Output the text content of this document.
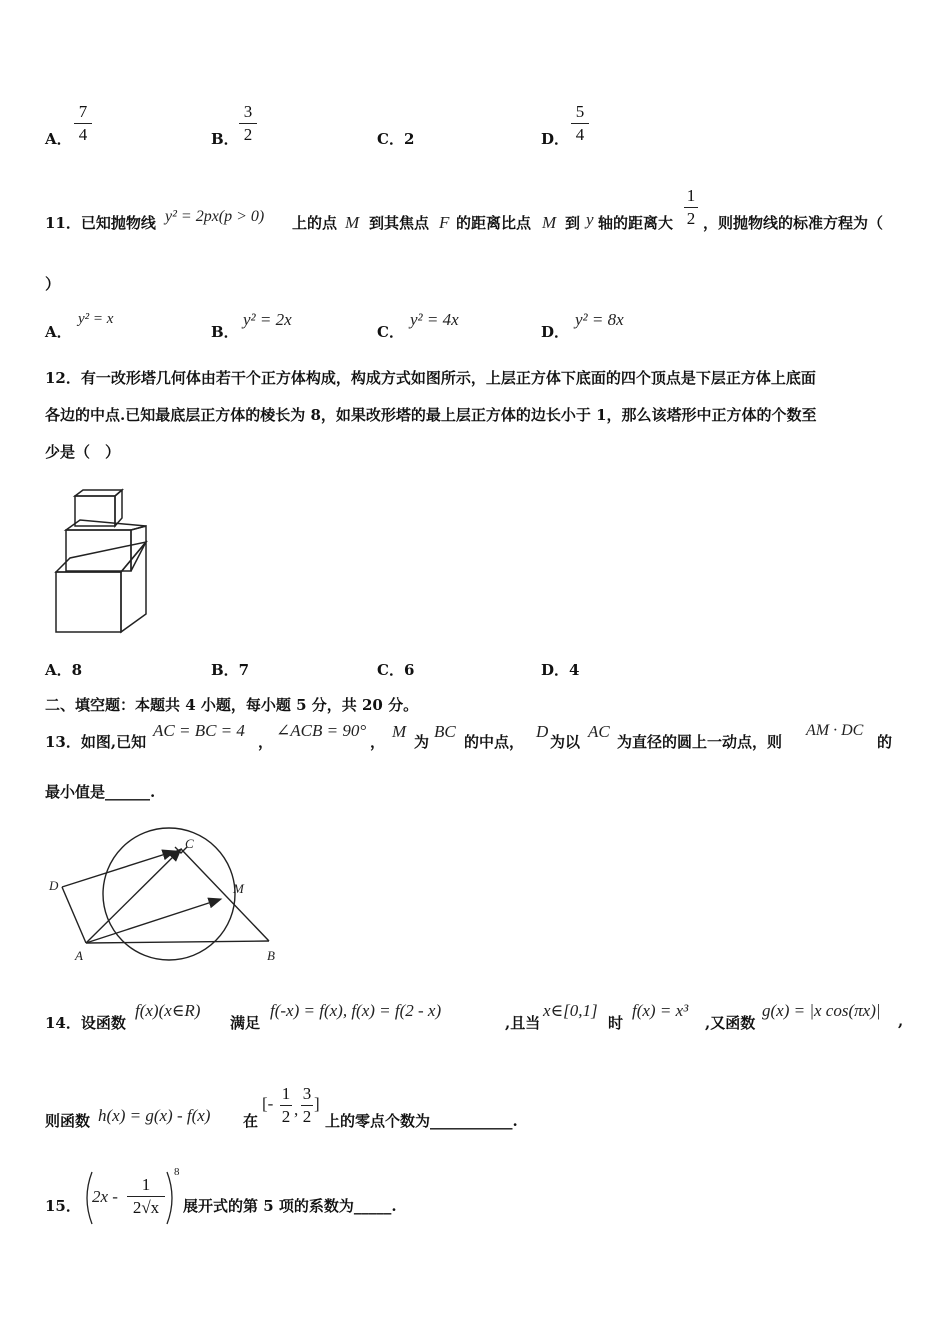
A．
7
4	B．
3
2	C．2	D．
5
4
11．已知抛物线 y² = 2px(p > 0) 上的点 M 到其焦点 F 的距离比点 M 到 y 轴的距离大
1
2 ，则抛物线的标准方程为（
）
A．
y² = x
B．
y² = 2x
C．
y² = 4x
D．
y² = 8x
12．有一改形塔几何体由若干个正方体构成，构成方式如图所示，上层正方体下底面的四个顶点是下层正方体上底面
各边的中点.已知最底层正方体的棱长为 8，如果改形塔的最上层正方体的边长小于 1，那么该塔形中正方体的个数至
少是（　）
A．8	B．7	C．6	D．4
二、填空题：本题共 4 小题，每小题 5 分，共 20 分。
13．如图,已知
AC = BC = 4
，
∠ACB = 90°
，
M
为
BC
的中点，
D
为以
AC
为直径的圆上一动点，则
AM · DC
的
最小值是______.
C
D	M
A	B
14．设函数
f(x)(x∈R)
满足
f(-x) = f(x), f(x) = f(2 - x)
,且当
x∈[0,1]
时
f(x) = x³
,又函数
g(x) = |x cos(πx)|
,
则函数 h(x) = g(x) - f(x) 在
[-
1
2 ,
3
2
]
上的零点个数为___________.
15． 2x -
1
2√x
8
展开式的第 5 项的系数为_____.
